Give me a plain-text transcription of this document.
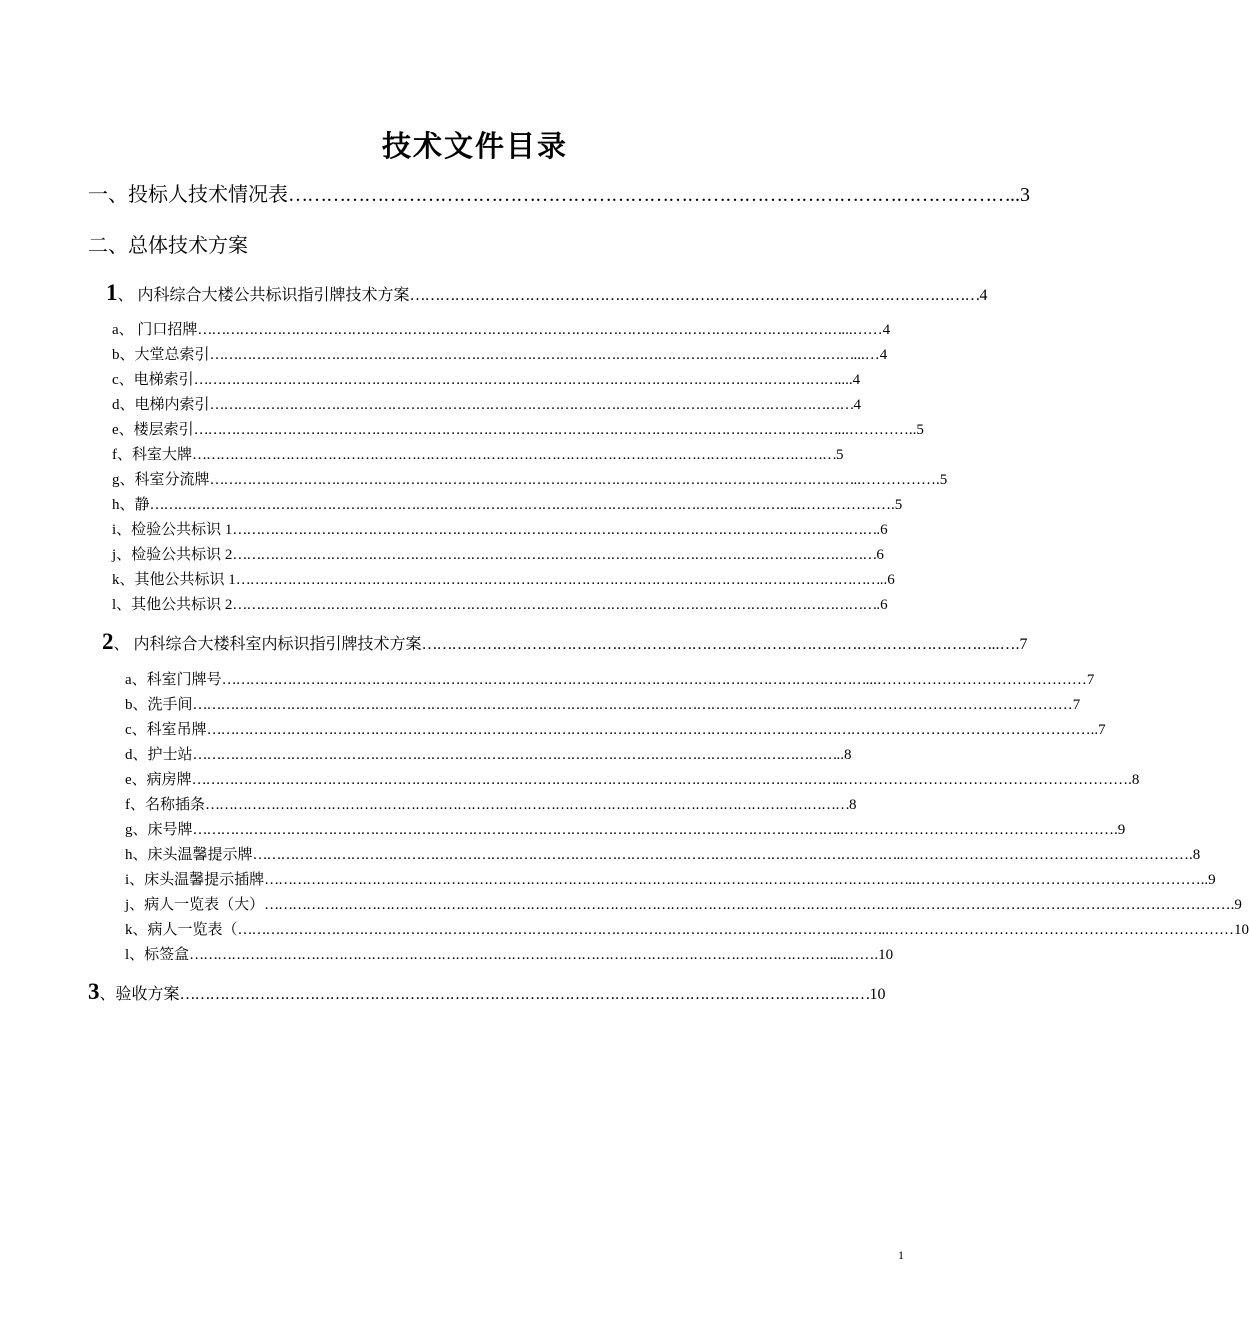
技术文件目录
一、投标人技术情况表 …………………………………………………………………………………………………… ..3
二、总体技术方案
1、 内科综合大楼公共标识指引牌技术方案 …………………………………………………………………………………………………… 4
a、 门口招牌 ………………………………………………………………………………………………………………………… ...……4
b、大堂总索引 ………………………………………………………………………………………………………………………… ...…4
c、电梯索引 ………………………………………………………………………………………………………………………… ....4
d、电梯内索引 ………………………………………………………………………………………………………………………… 4
e、楼层索引 ………………………………………………………………………………………………………………………… ...…………..5
f、科室大牌 ………………………………………………………………………………………………………………………… 5
g、科室分流牌 ………………………………………………………………………………………………………………………… ..…………….5
h、静 ………………………………………………………………………………………………………………………… ..……………….5
i、检验公共标识 1 ………………………………………………………………………………………………………………………… .6
j、检验公共标识 2 ………………………………………………………………………………………………………………………… 6
k、其他公共标识 1 ………………………………………………………………………………………………………………………… ..6
l、其他公共标识 2 ………………………………………………………………………………………………………………………… .6
2、 内科综合大楼科室内标识指引牌技术方案 …………………………………………………………………………………………………… ..….7
a、科室门牌号 ………………………………………………………………………………………………………………………… ...……………………………………7
b、洗手间 ………………………………………………………………………………………………………………………… ...………………………………………7
c、科室吊牌 ………………………………………………………………………………………………………………………… …………………………………………..7
d、护士站 ………………………………………………………………………………………………………………………… ..8
e、病房牌 ………………………………………………………………………………………………………………………… ..………………………………………………….8
f、名称插条 ………………………………………………………………………………………………………………………… 8
g、床号牌 ………………………………………………………………………………………………………………………… ..……………………………………………….9
h、床头温馨提示牌 ………………………………………………………………………………………………………………………… ..………………………………………………….8
i、床头温馨提示插牌 ………………………………………………………………………………………………………………………… ..…………………………………………………..9
j、病人一览表（大） ………………………………………………………………………………………………………………………… ..……………………………………………………….9
k、病人一览表（ ………………………………………………………………………………………………………………………… ..……………………………………………………………10
l、标签盒 ………………………………………………………………………………………………………………………… ...…….10
3、验收方案 ………………………………………………………………………………………………………………………… 10
1
